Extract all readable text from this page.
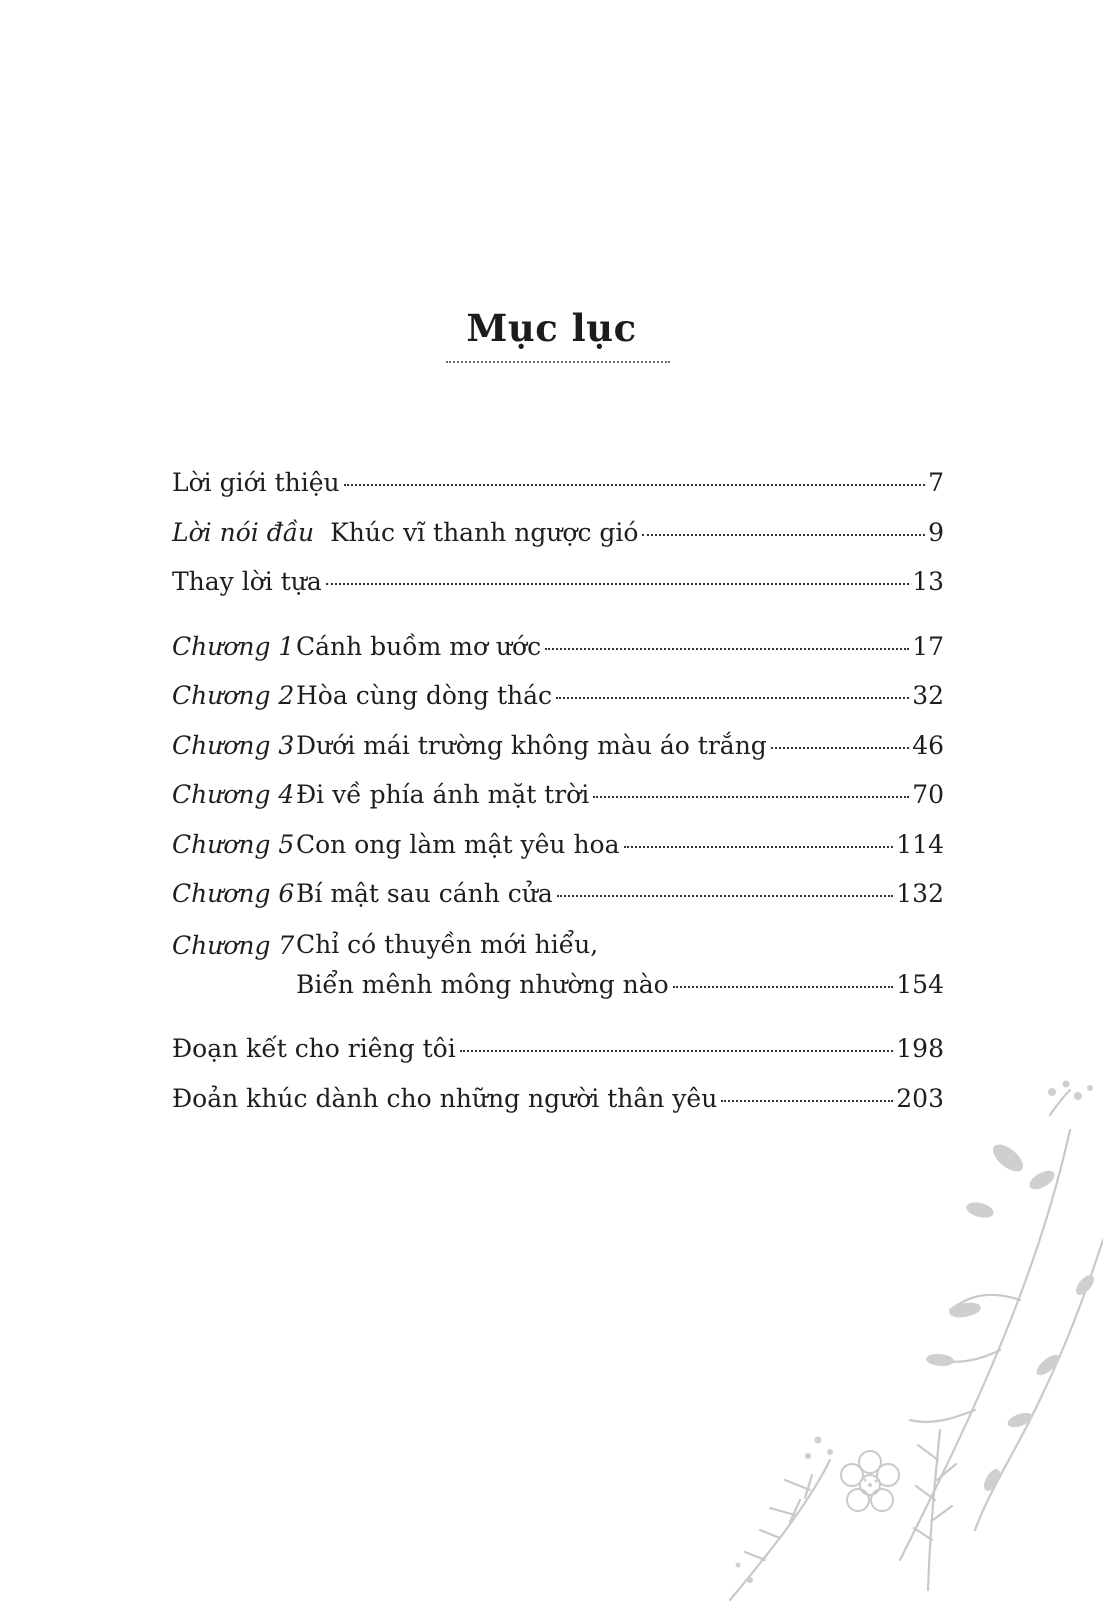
Mục lục
Lời giới thiệu	7
Lời nói đầu Khúc vĩ thanh ngược gió	9
Thay lời tựa	13
Chương 1 Cánh buồm mơ ước	17
Chương 2 Hòa cùng dòng thác	32
Chương 3 Dưới mái trường không màu áo trắng	46
Chương 4 Đi về phía ánh mặt trời	70
Chương 5 Con ong làm mật yêu hoa	114
Chương 6 Bí mật sau cánh cửa	132
Chương 7 Chỉ có thuyền mới hiểu,
Biển mênh mông nhường nào	154
Đoạn kết cho riêng tôi	198
Đoản khúc dành cho những người thân yêu	203
